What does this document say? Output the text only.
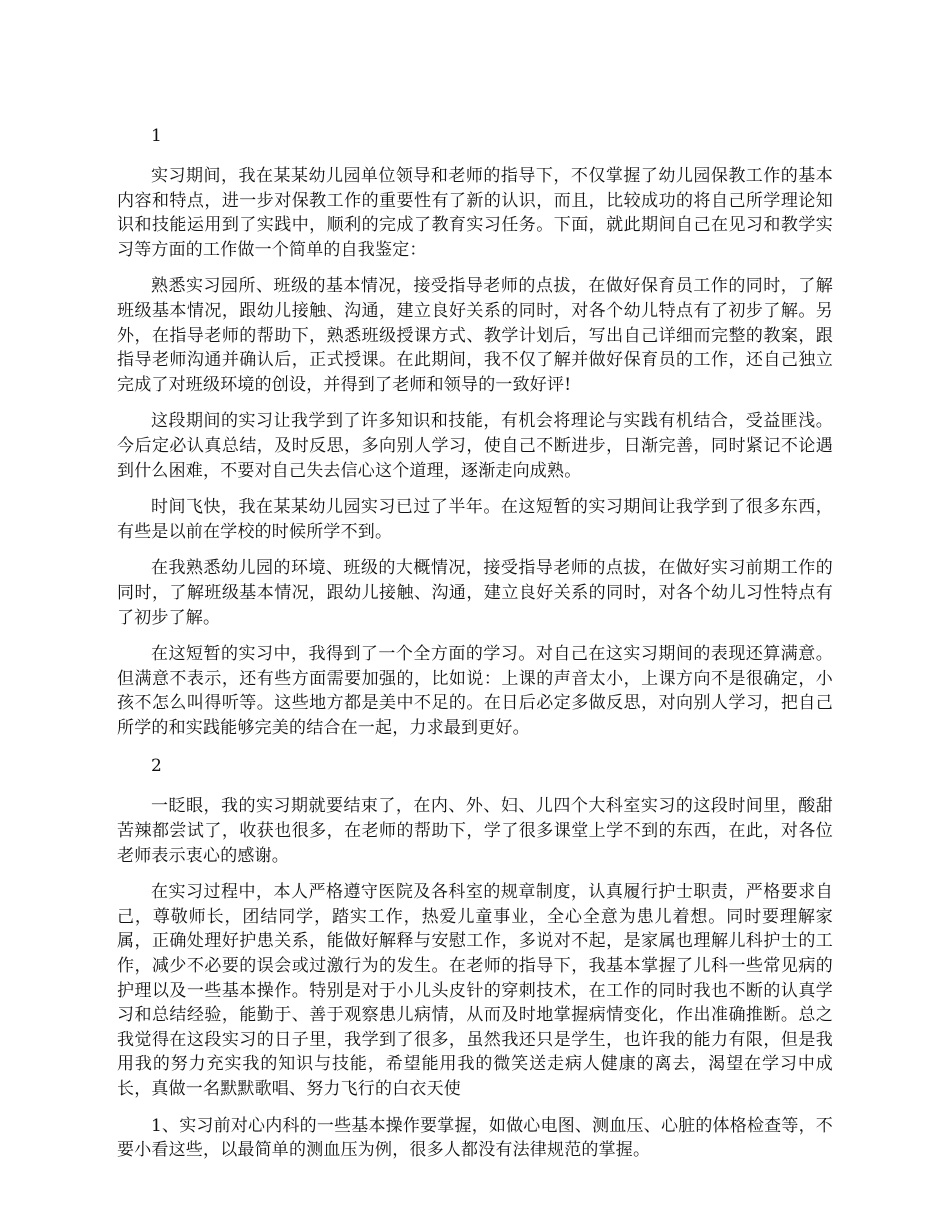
1

实习期间，我在某某幼儿园单位领导和老师的指导下，不仅掌握了幼儿园保教工作的基本内容和特点，进一步对保教工作的重要性有了新的认识，而且，比较成功的将自己所学理论知识和技能运用到了实践中，顺利的完成了教育实习任务。下面，就此期间自己在见习和教学实习等方面的工作做一个简单的自我鉴定：

熟悉实习园所、班级的基本情况，接受指导老师的点拔，在做好保育员工作的同时，了解班级基本情况，跟幼儿接触、沟通，建立良好关系的同时，对各个幼儿特点有了初步了解。另外，在指导老师的帮助下，熟悉班级授课方式、教学计划后，写出自己详细而完整的教案，跟指导老师沟通并确认后，正式授课。在此期间，我不仅了解并做好保育员的工作，还自己独立完成了对班级环境的创设，并得到了老师和领导的一致好评!

这段期间的实习让我学到了许多知识和技能，有机会将理论与实践有机结合，受益匪浅。今后定必认真总结，及时反思，多向别人学习，使自己不断进步，日渐完善，同时紧记不论遇到什么困难，不要对自己失去信心这个道理，逐渐走向成熟。

时间飞快，我在某某幼儿园实习已过了半年。在这短暂的实习期间让我学到了很多东西，有些是以前在学校的时候所学不到。

在我熟悉幼儿园的环境、班级的大概情况，接受指导老师的点拔，在做好实习前期工作的同时，了解班级基本情况，跟幼儿接触、沟通，建立良好关系的同时，对各个幼儿习性特点有了初步了解。

在这短暂的实习中，我得到了一个全方面的学习。对自己在这实习期间的表现还算满意。但满意不表示，还有些方面需要加强的，比如说：上课的声音太小，上课方向不是很确定，小孩不怎么叫得听等。这些地方都是美中不足的。在日后必定多做反思，对向别人学习，把自己所学的和实践能够完美的结合在一起，力求最到更好。

2

一眨眼，我的实习期就要结束了，在内、外、妇、儿四个大科室实习的这段时间里，酸甜苦辣都尝试了，收获也很多，在老师的帮助下，学了很多课堂上学不到的东西，在此，对各位老师表示衷心的感谢。

在实习过程中，本人严格遵守医院及各科室的规章制度，认真履行护士职责，严格要求自己，尊敬师长，团结同学，踏实工作，热爱儿童事业，全心全意为患儿着想。同时要理解家属，正确处理好护患关系，能做好解释与安慰工作，多说对不起，是家属也理解儿科护士的工作，减少不必要的误会或过激行为的发生。在老师的指导下，我基本掌握了儿科一些常见病的护理以及一些基本操作。特别是对于小儿头皮针的穿刺技术，在工作的同时我也不断的认真学习和总结经验，能勤于、善于观察患儿病情，从而及时地掌握病情变化，作出准确推断。总之我觉得在这段实习的日子里，我学到了很多，虽然我还只是学生，也许我的能力有限，但是我用我的努力充实我的知识与技能，希望能用我的微笑送走病人健康的离去，渴望在学习中成长，真做一名默默歌唱、努力飞行的白衣天使

1、实习前对心内科的一些基本操作要掌握，如做心电图、测血压、心脏的体格检查等，不要小看这些，以最简单的测血压为例，很多人都没有法律规范的掌握。
